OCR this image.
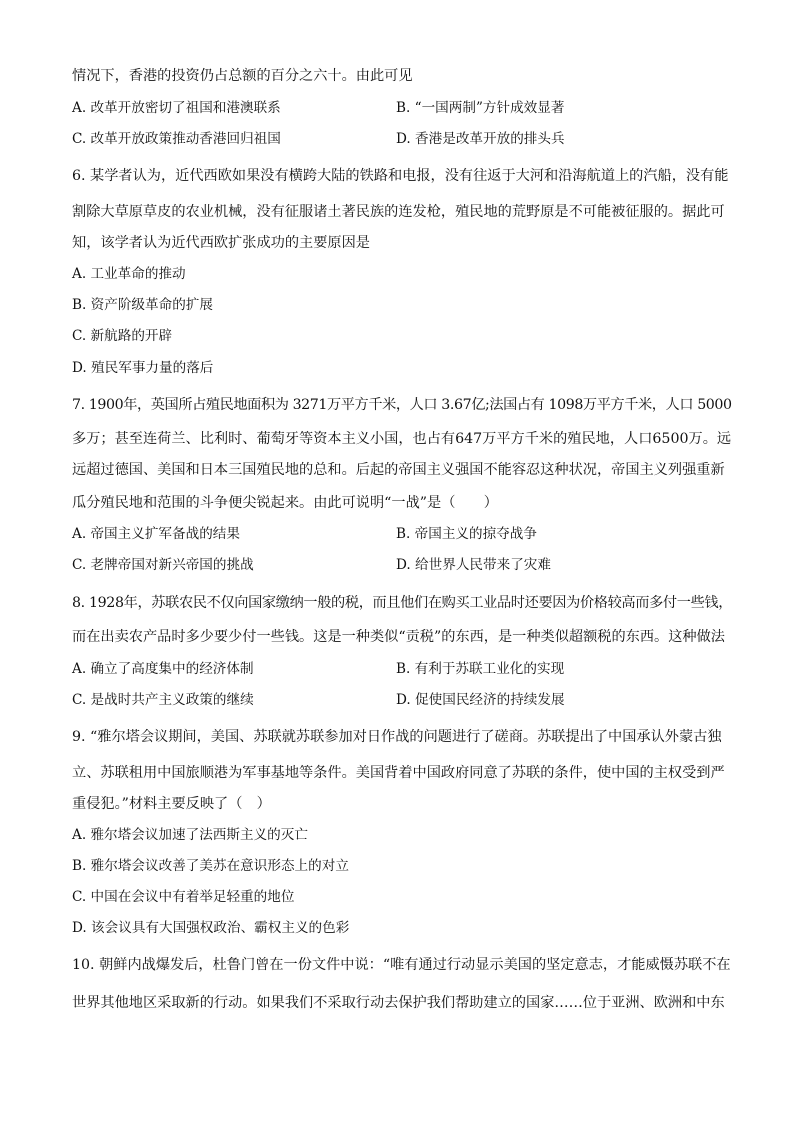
情况下，香港的投资仍占总额的百分之六十。由此可见
A. 改革开放密切了祖国和港澳联系	B. “一国两制”方针成效显著
C. 改革开放政策推动香港回归祖国	D. 香港是改革开放的排头兵
6. 某学者认为，近代西欧如果没有横跨大陆的铁路和电报，没有往返于大河和沿海航道上的汽船，没有能
割除大草原草皮的农业机械，没有征服诸土著民族的连发枪，殖民地的荒野原是不可能被征服的。据此可
知，该学者认为近代西欧扩张成功的主要原因是
A. 工业革命的推动
B. 资产阶级革命的扩展
C. 新航路的开辟
D. 殖民军事力量的落后
7. 1900年，英国所占殖民地面积为 3271万平方千米，人口 3.67亿;法国占有 1098万平方千米，人口 5000
多万；甚至连荷兰、比利时、葡萄牙等资本主义小国，也占有647万平方千米的殖民地，人口6500万。远
远超过德国、美国和日本三国殖民地的总和。后起的帝国主义强国不能容忍这种状况，帝国主义列强重新
瓜分殖民地和范围的斗争便尖锐起来。由此可说明“一战”是（　　）
A. 帝国主义扩军备战的结果	B. 帝国主义的掠夺战争
C. 老牌帝国对新兴帝国的挑战	D. 给世界人民带来了灾难
8. 1928年，苏联农民不仅向国家缴纳一般的税，而且他们在购买工业品时还要因为价格较高而多付一些钱，
而在出卖农产品时多少要少付一些钱。这是一种类似“贡税”的东西，是一种类似超额税的东西。这种做法
A. 确立了高度集中的经济体制	B. 有利于苏联工业化的实现
C. 是战时共产主义政策的继续	D. 促使国民经济的持续发展
9. “雅尔塔会议期间，美国、苏联就苏联参加对日作战的问题进行了磋商。苏联提出了中国承认外蒙古独
立、苏联租用中国旅顺港为军事基地等条件。美国背着中国政府同意了苏联的条件，使中国的主权受到严
重侵犯。”材料主要反映了（　）
A. 雅尔塔会议加速了法西斯主义的灭亡
B. 雅尔塔会议改善了美苏在意识形态上的对立
C. 中国在会议中有着举足轻重的地位
D. 该会议具有大国强权政治、霸权主义的色彩
10. 朝鲜内战爆发后，杜鲁门曾在一份文件中说：“唯有通过行动显示美国的坚定意志，才能威慑苏联不在
世界其他地区采取新的行动。如果我们不采取行动去保护我们帮助建立的国家……位于亚洲、欧洲和中东
